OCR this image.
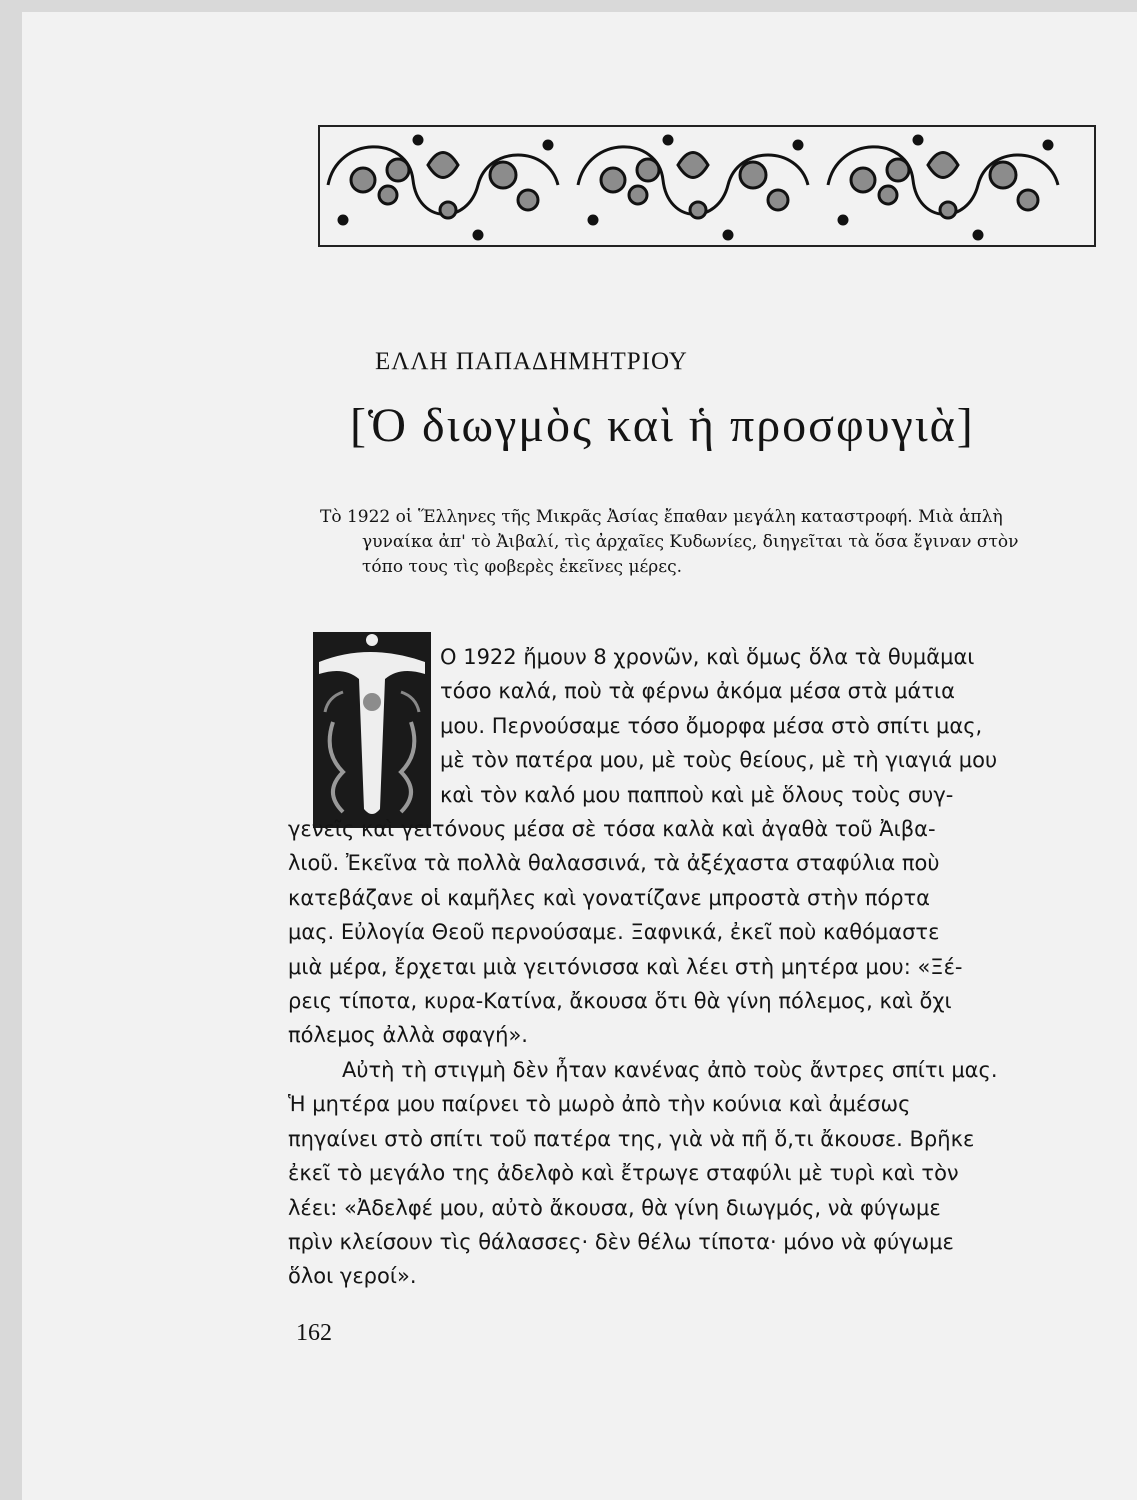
ΕΛΛΗ ΠΑΠΑΔΗΜΗΤΡΙΟΥ
[Ὁ διωγμὸς καὶ ἡ προσφυγιὰ]
Τὸ 1922 οἱ Ἕλληνες τῆς Μικρᾶς Ἀσίας ἔπαθαν μεγάλη καταστροφή. Μιὰ ἁπλὴ
γυναίκα ἀπ' τὸ Ἀιβαλί, τὶς ἀρχαῖες Κυδωνίες, διηγεῖται τὰ ὅσα ἔγιναν στὸν
τόπο τους τὶς φοβερὲς ἐκεῖνες μέρες.
Ο 1922 ἤμουν 8 χρονῶν, καὶ ὅμως ὅλα τὰ θυμᾶμαι
τόσο καλά, ποὺ τὰ φέρνω ἀκόμα μέσα στὰ μάτια
μου. Περνούσαμε τόσο ὄμορφα μέσα στὸ σπίτι μας,
μὲ τὸν πατέρα μου, μὲ τοὺς θείους, μὲ τὴ γιαγιά μου
καὶ τὸν καλό μου παπποὺ καὶ μὲ ὅλους τοὺς συγ-
γενεῖς καὶ γειτόνους μέσα σὲ τόσα καλὰ καὶ ἀγαθὰ τοῦ Ἀιβα-
λιοῦ. Ἐκεῖνα τὰ πολλὰ θαλασσινά, τὰ ἀξέχαστα σταφύλια ποὺ
κατεβάζανε οἱ καμῆλες καὶ γονατίζανε μπροστὰ στὴν πόρτα
μας. Εὐλογία Θεοῦ περνούσαμε. Ξαφνικά, ἐκεῖ ποὺ καθόμαστε
μιὰ μέρα, ἔρχεται μιὰ γειτόνισσα καὶ λέει στὴ μητέρα μου: «Ξέ-
ρεις τίποτα, κυρα-Κατίνα, ἄκουσα ὅτι θὰ γίνη πόλεμος, καὶ ὄχι
πόλεμος ἀλλὰ σφαγή».
Αὐτὴ τὴ στιγμὴ δὲν ἦταν κανένας ἀπὸ τοὺς ἄντρες σπίτι μας.
Ἡ μητέρα μου παίρνει τὸ μωρὸ ἀπὸ τὴν κούνια καὶ ἀμέσως
πηγαίνει στὸ σπίτι τοῦ πατέρα της, γιὰ νὰ πῆ ὅ,τι ἄκουσε. Βρῆκε
ἐκεῖ τὸ μεγάλο της ἀδελφὸ καὶ ἔτρωγε σταφύλι μὲ τυρὶ καὶ τὸν
λέει: «Ἀδελφέ μου, αὐτὸ ἄκουσα, θὰ γίνη διωγμός, νὰ φύγωμε
πρὶν κλείσουν τὶς θάλασσες· δὲν θέλω τίποτα· μόνο νὰ φύγωμε
ὅλοι γεροί».
162
